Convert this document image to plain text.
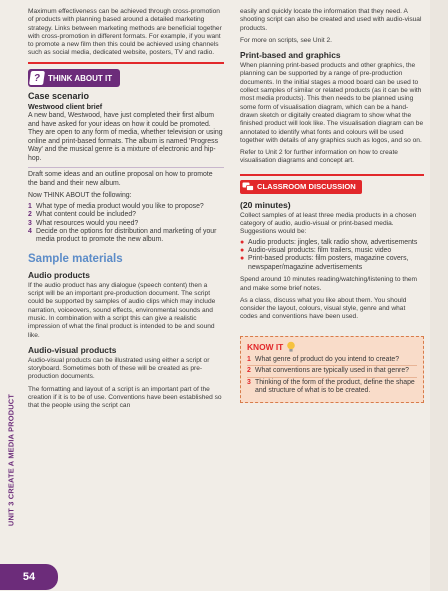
Maximum effectiveness can be achieved through cross-promotion of products with planning based around a detailed marketing strategy. Links between marketing methods are beneficial together with cross-promotion in different formats. For example, if you want to promote a new film then this could be achieved using channels such as social media, dedicated website, posters, TV and radio.

? THINK ABOUT IT
Case scenario
Westwood client brief

A new band, Westwood, have just completed their first album and have asked for your ideas on how it could be promoted. They are open to any form of media, whether television or using online and print-based formats. The album is named 'Progress Way' and the musical genre is a mixture of electronic and hip-hop.

Draft some ideas and an outline proposal on how to promote the band and their new album.

Now THINK ABOUT the following:

1 What type of media product would you like to propose?
2 What content could be included?
3 What resources would you need?
4 Decide on the options for distribution and marketing of your media product to promote the new album.
Sample materials
Audio products

If the audio product has any dialogue (speech content) then a script will be an important pre-production document. The script could be supported by samples of audio clips which may include narration, voiceovers, sound effects, environmental sounds and music. In combination with a script this can give a realistic impression of what the final product is intended to be and sound like.

Audio-visual products

Audio-visual products can be illustrated using either a script or storyboard. Sometimes both of these will be created as pre-production documents.

The formatting and layout of a script is an important part of the creation if it is to be of use. Conventions have been established so that the people using the script can

easily and quickly locate the information that they need. A shooting script can also be created and used with audio-visual products.

For more on scripts, see Unit 2.

Print-based and graphics

When planning print-based products and other graphics, the planning can be supported by a range of pre-production documents. In the initial stages a mood board can be used to collect samples of similar or related products (as it can be with most media products). This then needs to be planned using some form of visualisation diagram, which can be a hand-drawn sketch or digitally created diagram to show what the finished product will look like. The visualisation diagram can be annotated to identify what fonts and colours will be used together with details of any graphics such as logos, and so on.

Refer to Unit 2 for further information on how to create visualisation diagrams and concept art.

CLASSROOM DISCUSSION
(20 minutes)

Collect samples of at least three media products in a chosen category of audio, audio-visual or print-based media. Suggestions would be:

● Audio products: jingles, talk radio show, advertisements
● Audio-visual products: film trailers, music video
● Print-based products: film posters, magazine covers, newspaper/magazine advertisements

Spend around 10 minutes reading/watching/listening to them and make some brief notes.

As a class, discuss what you like about them. You should consider the layout, colours, visual style, genre and what codes and conventions have been used.

KNOW IT
1 What genre of product do you intend to create?
2 What conventions are typically used in that genre?
3 Thinking of the form of the product, define the shape and structure of what is to be created.
UNIT 3 CREATE A MEDIA PRODUCT
54
